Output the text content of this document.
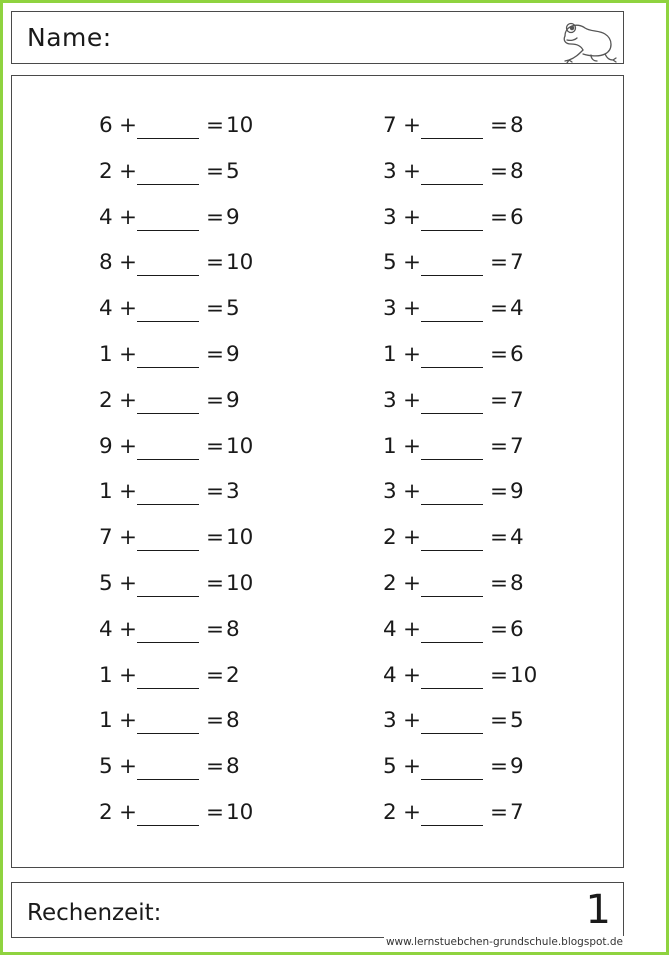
Name:
6 +	= 10
2 +	= 5
4 +	= 9
8 +	= 10
4 +	= 5
1 +	= 9
2 +	= 9
9 +	= 10
1 +	= 3
7 +	= 10
5 +	= 10
4 +	= 8
1 +	= 2
1 +	= 8
5 +	= 8
2 +	= 10
7 +	= 8
3 +	= 8
3 +	= 6
5 +	= 7
3 +	= 4
1 +	= 6
3 +	= 7
1 +	= 7
3 +	= 9
2 +	= 4
2 +	= 8
4 +	= 6
4 +	= 10
3 +	= 5
5 +	= 9
2 +	= 7
Rechenzeit:	1
www.lernstuebchen-grundschule.blogspot.de
